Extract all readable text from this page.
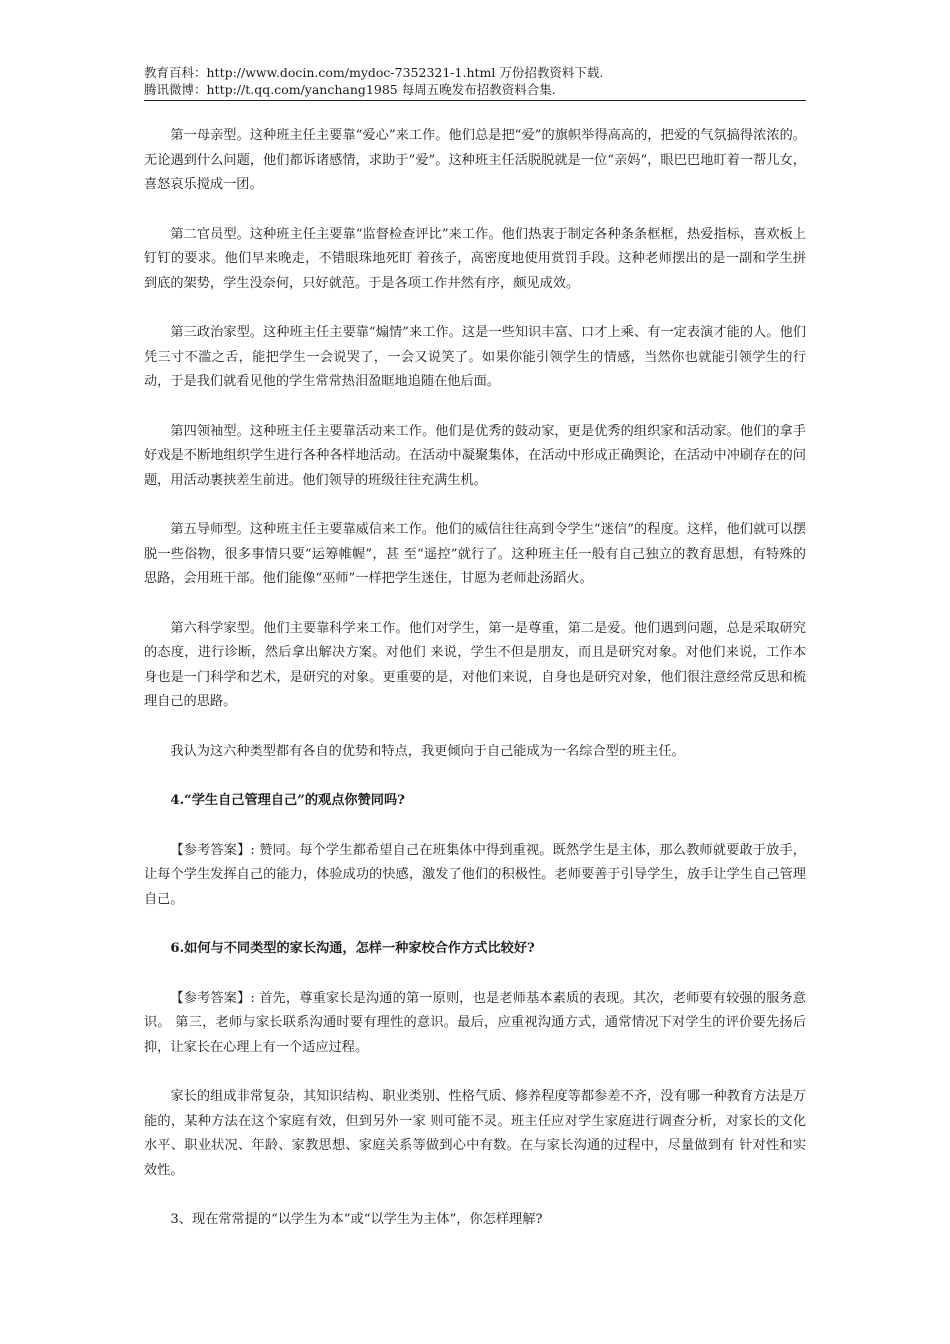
教育百科：http://www.docin.com/mydoc-7352321-1.html 万份招教资料下载.
腾讯微博：http://t.qq.com/yanchang1985 每周五晚发布招教资料合集.

第一母亲型。这种班主任主要靠“爱心”来工作。他们总是把“爱”的旗帜举得高高的，把爱的气氛搞得浓浓的。无论遇到什么问题，他们都诉诸感情，求助于“爱”。这种班主任活脱脱就是一位“亲妈”，眼巴巴地盯着一帮儿女，喜怒哀乐搅成一团。

第二官员型。这种班主任主要靠“监督检查评比”来工作。他们热衷于制定各种条条框框，热爱指标，喜欢板上钉钉的要求。他们早来晚走，不错眼珠地死盯 着孩子，高密度地使用赏罚手段。这种老师摆出的是一副和学生拼到底的架势，学生没奈何，只好就范。于是各项工作井然有序，颇见成效。

第三政治家型。这种班主任主要靠“煽情”来工作。这是一些知识丰富、口才上乘、有一定表演才能的人。他们凭三寸不滥之舌，能把学生一会说哭了，一会又说笑了。如果你能引领学生的情感，当然你也就能引领学生的行动，于是我们就看见他的学生常常热泪盈眶地追随在他后面。

第四领袖型。这种班主任主要靠活动来工作。他们是优秀的鼓动家，更是优秀的组织家和活动家。他们的拿手好戏是不断地组织学生进行各种各样地活动。在活动中凝聚集体，在活动中形成正确舆论，在活动中冲刷存在的问题，用活动裹挟差生前进。他们领导的班级往往充满生机。

第五导师型。这种班主任主要靠威信来工作。他们的威信往往高到令学生“迷信”的程度。这样，他们就可以摆脱一些俗物，很多事情只要“运筹帷幄”，甚 至“遥控”就行了。这种班主任一般有自己独立的教育思想，有特殊的思路，会用班干部。他们能像“巫师”一样把学生迷住，甘愿为老师赴汤蹈火。

第六科学家型。他们主要靠科学来工作。他们对学生，第一是尊重，第二是爱。他们遇到问题，总是采取研究的态度，进行诊断，然后拿出解决方案。对他们 来说，学生不但是朋友，而且是研究对象。对他们来说，工作本身也是一门科学和艺术，是研究的对象。更重要的是，对他们来说，自身也是研究对象，他们很注意经常反思和梳理自己的思路。

我认为这六种类型都有各自的优势和特点，我更倾向于自己能成为一名综合型的班主任。

4.“学生自己管理自己”的观点你赞同吗?

【参考答案】: 赞同。每个学生都希望自己在班集体中得到重视。既然学生是主体，那么教师就要敢于放手，让每个学生发挥自己的能力，体验成功的快感，激发了他们的积极性。老师要善于引导学生，放手让学生自己管理自己。

6.如何与不同类型的家长沟通，怎样一种家校合作方式比较好?

【参考答案】: 首先，尊重家长是沟通的第一原则，也是老师基本素质的表现。其次，老师要有较强的服务意识。 第三，老师与家长联系沟通时要有理性的意识。最后，应重视沟通方式，通常情况下对学生的评价要先扬后抑，让家长在心理上有一个适应过程。

家长的组成非常复杂，其知识结构、职业类别、性格气质、修养程度等都参差不齐，没有哪一种教育方法是万能的，某种方法在这个家庭有效，但到另外一家 则可能不灵。班主任应对学生家庭进行调查分析，对家长的文化水平、职业状况、年龄、家教思想、家庭关系等做到心中有数。在与家长沟通的过程中，尽量做到有 针对性和实效性。

3、现在常常提的“以学生为本”或“以学生为主体”，你怎样理解?
